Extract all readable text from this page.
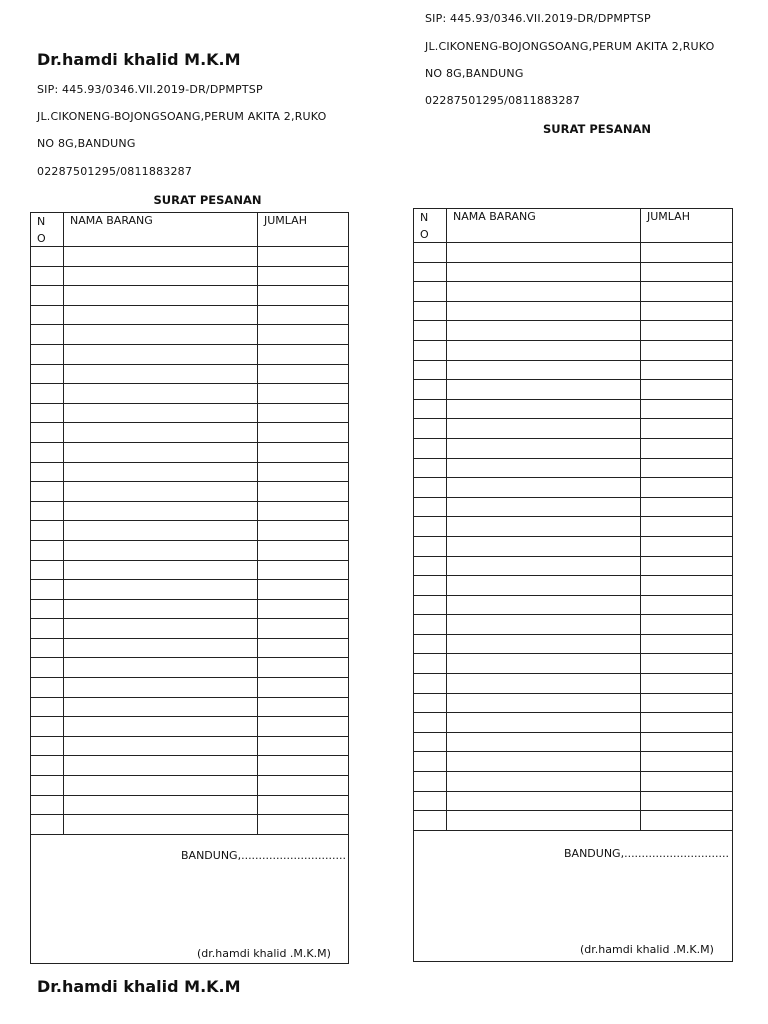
Dr.hamdi khalid M.K.M
SIP: 445.93/0346.VII.2019-DR/DPMPTSP
JL.CIKONENG-BOJONGSOANG,PERUM AKITA 2,RUKO
NO 8G,BANDUNG
02287501295/0811883287
SURAT PESANAN
N
O
NAMA BARANG	JUMLAH
BANDUNG,..............................
(dr.hamdi khalid .M.K.M)
SIP: 445.93/0346.VII.2019-DR/DPMPTSP
JL.CIKONENG-BOJONGSOANG,PERUM AKITA 2,RUKO
NO 8G,BANDUNG
02287501295/0811883287
SURAT PESANAN
N
O
NAMA BARANG	JUMLAH
BANDUNG,..............................
(dr.hamdi khalid .M.K.M)
Dr.hamdi khalid M.K.M
